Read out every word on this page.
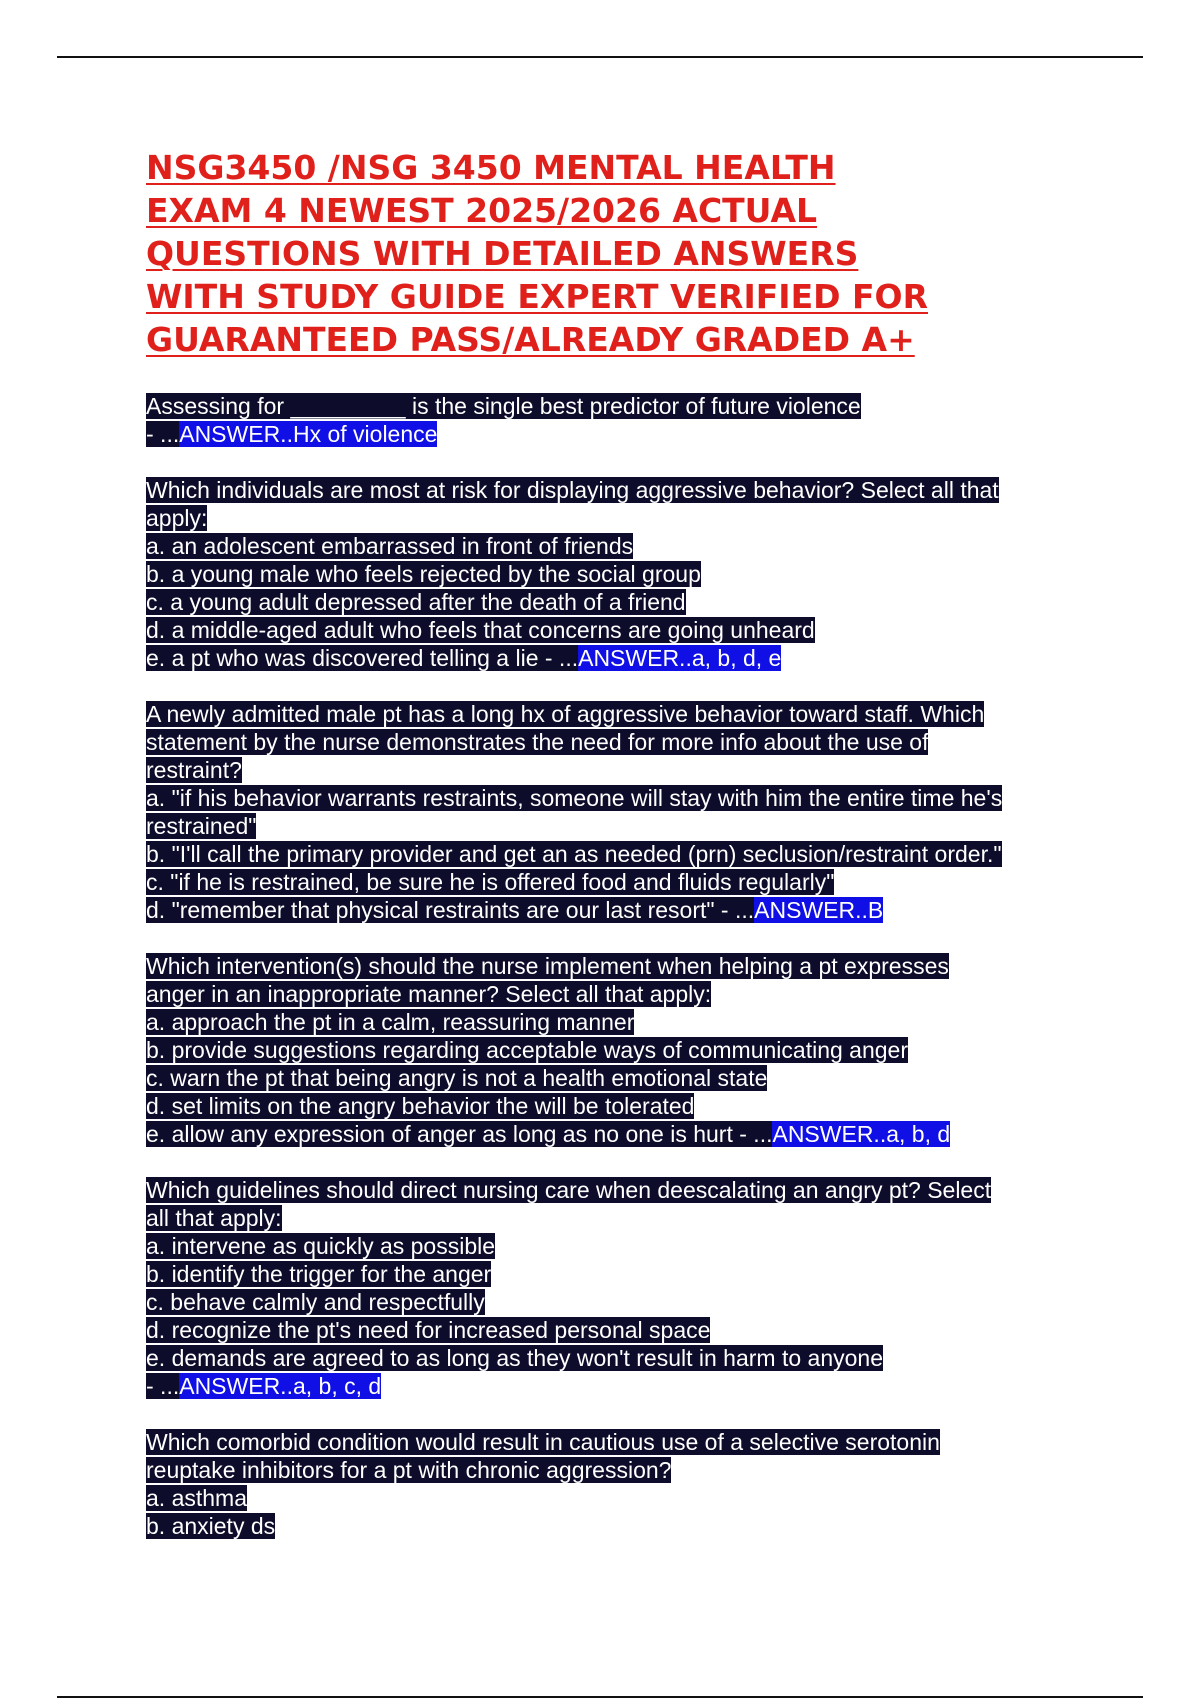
NSG3450 /NSG 3450 MENTAL HEALTH
EXAM 4 NEWEST 2025/2026 ACTUAL
QUESTIONS WITH DETAILED ANSWERS
WITH STUDY GUIDE EXPERT VERIFIED FOR
GUARANTEED PASS/ALREADY GRADED A+
Assessing for _________ is the single best predictor of future violence
- ...ANSWER..Hx of violence
Which individuals are most at risk for displaying aggressive behavior? Select all that
apply:
a. an adolescent embarrassed in front of friends
b. a young male who feels rejected by the social group
c. a young adult depressed after the death of a friend
d. a middle-aged adult who feels that concerns are going unheard
e. a pt who was discovered telling a lie - ...ANSWER..a, b, d, e
A newly admitted male pt has a long hx of aggressive behavior toward staff. Which
statement by the nurse demonstrates the need for more info about the use of
restraint?
a. "if his behavior warrants restraints, someone will stay with him the entire time he's
restrained"
b. "I'll call the primary provider and get an as needed (prn) seclusion/restraint order."
c. "if he is restrained, be sure he is offered food and fluids regularly"
d. "remember that physical restraints are our last resort" - ...ANSWER..B
Which intervention(s) should the nurse implement when helping a pt expresses
anger in an inappropriate manner? Select all that apply:
a. approach the pt in a calm, reassuring manner
b. provide suggestions regarding acceptable ways of communicating anger
c. warn the pt that being angry is not a health emotional state
d. set limits on the angry behavior the will be tolerated
e. allow any expression of anger as long as no one is hurt - ...ANSWER..a, b, d
Which guidelines should direct nursing care when deescalating an angry pt? Select
all that apply:
a. intervene as quickly as possible
b. identify the trigger for the anger
c. behave calmly and respectfully
d. recognize the pt's need for increased personal space
e. demands are agreed to as long as they won't result in harm to anyone
- ...ANSWER..a, b, c, d
Which comorbid condition would result in cautious use of a selective serotonin
reuptake inhibitors for a pt with chronic aggression?
a. asthma
b. anxiety ds
